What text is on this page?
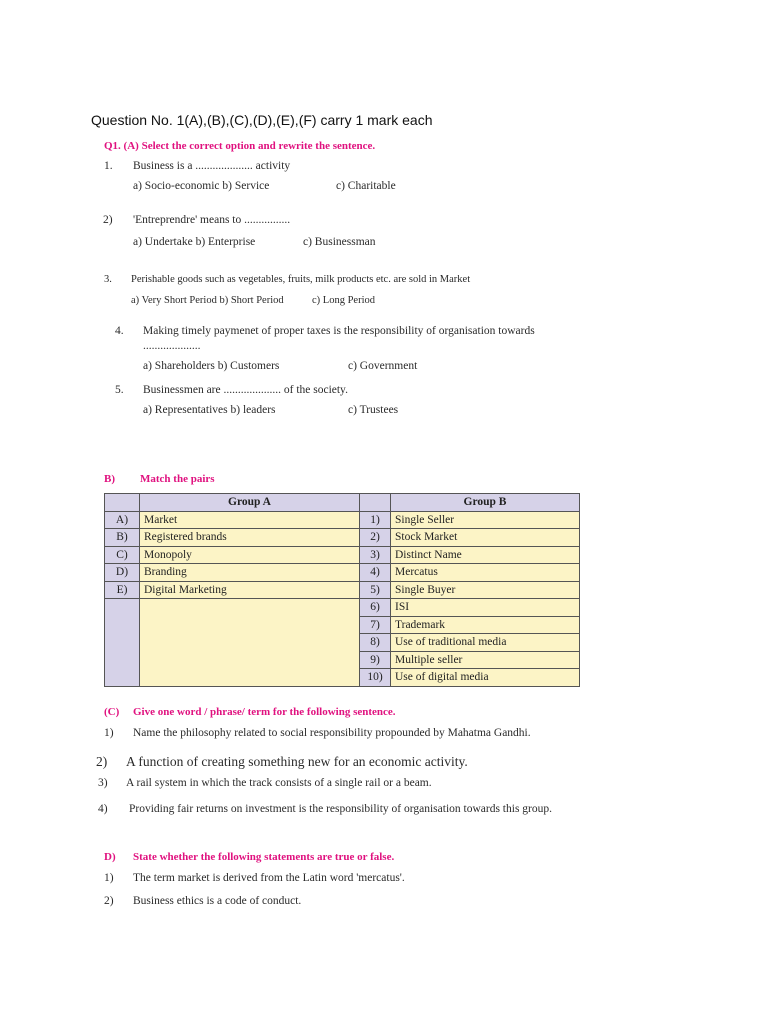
Question No. 1(A),(B),(C),(D),(E),(F) carry 1 mark each
Q1. (A) Select the correct option and rewrite the sentence.
1. Business is a .................... activity
a) Socio-economic b) Service	c) Charitable
2) 'Entreprendre' means to ................
a) Undertake b) Enterprise	c) Businessman
3. Perishable goods such as vegetables, fruits, milk products etc. are sold in Market
a) Very Short Period b) Short Period	c) Long Period
4. Making timely paymenet of proper taxes is the responsibility of organisation towards
....................
a) Shareholders b) Customers	c) Government
5. Businessmen are .................... of the society.
a) Representatives b) leaders	c) Trustees
B) Match the pairs
	Group A		Group B
A)	Market	1)	Single Seller
B)	Registered brands	2)	Stock Market
C)	Monopoly	3)	Distinct Name
D)	Branding	4)	Mercatus
E)	Digital Marketing	5)	Single Buyer
		6)	ISI
		7)	Trademark
		8)	Use of traditional media
		9)	Multiple seller
		10)	Use of digital media
(C) Give one word / phrase/ term for the following sentence.
1) Name the philosophy related to social responsibility propounded by Mahatma Gandhi.
2) A function of creating something new for an economic activity.
3) A rail system in which the track consists of a single rail or a beam.
4) Providing fair returns on investment is the responsibility of organisation towards this group.
D) State whether the following statements are true or false.
1) The term market is derived from the Latin word 'mercatus'.
2) Business ethics is a code of conduct.
